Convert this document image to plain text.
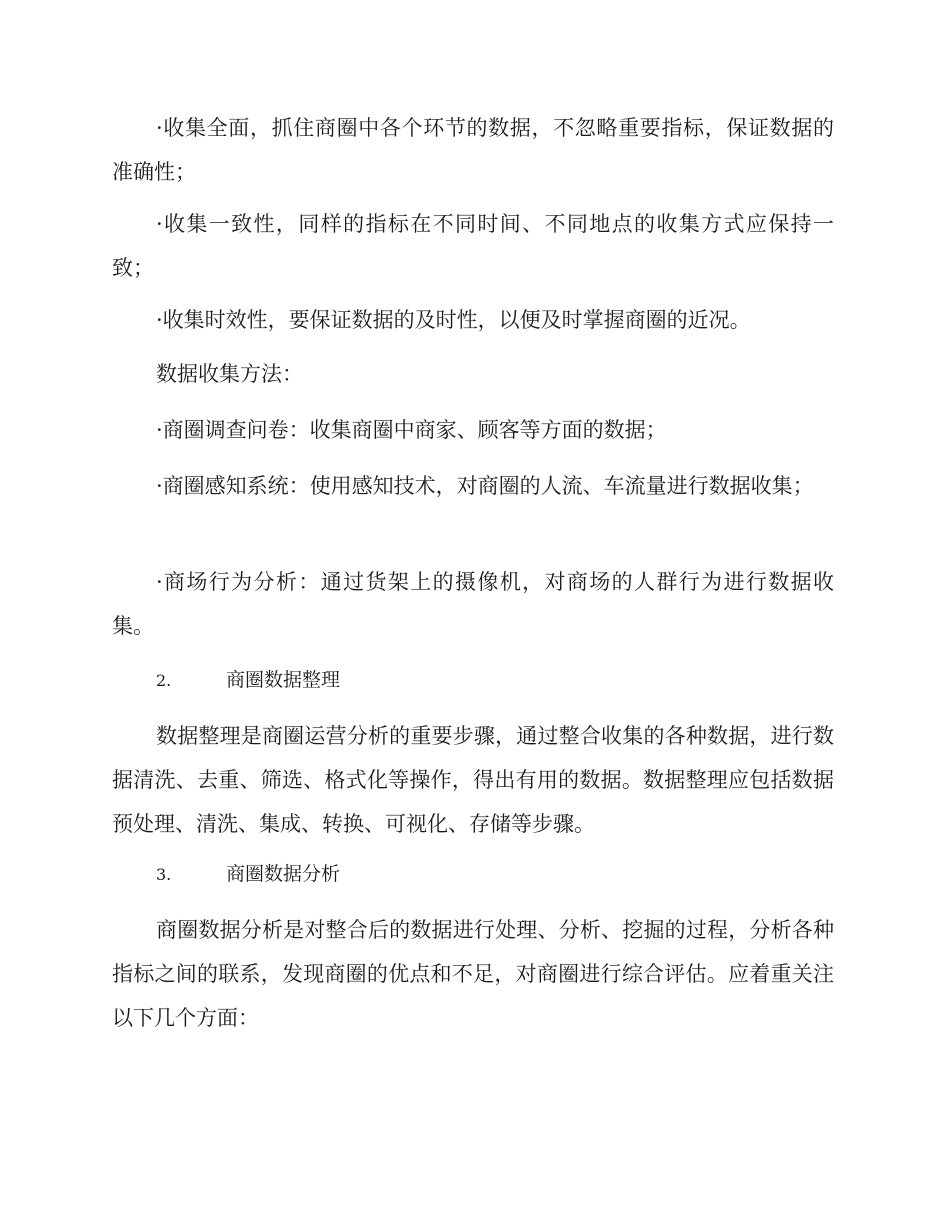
·收集全面，抓住商圈中各个环节的数据，不忽略重要指标，保证数据的准确性；

·收集一致性，同样的指标在不同时间、不同地点的收集方式应保持一致；

·收集时效性，要保证数据的及时性，以便及时掌握商圈的近况。

数据收集方法：

·商圈调查问卷：收集商圈中商家、顾客等方面的数据；

·商圈感知系统：使用感知技术，对商圈的人流、车流量进行数据收集；

·商场行为分析：通过货架上的摄像机，对商场的人群行为进行数据收集。

2.	商圈数据整理

数据整理是商圈运营分析的重要步骤，通过整合收集的各种数据，进行数据清洗、去重、筛选、格式化等操作，得出有用的数据。数据整理应包括数据预处理、清洗、集成、转换、可视化、存储等步骤。

3.	商圈数据分析

商圈数据分析是对整合后的数据进行处理、分析、挖掘的过程，分析各种指标之间的联系，发现商圈的优点和不足，对商圈进行综合评估。应着重关注以下几个方面：
